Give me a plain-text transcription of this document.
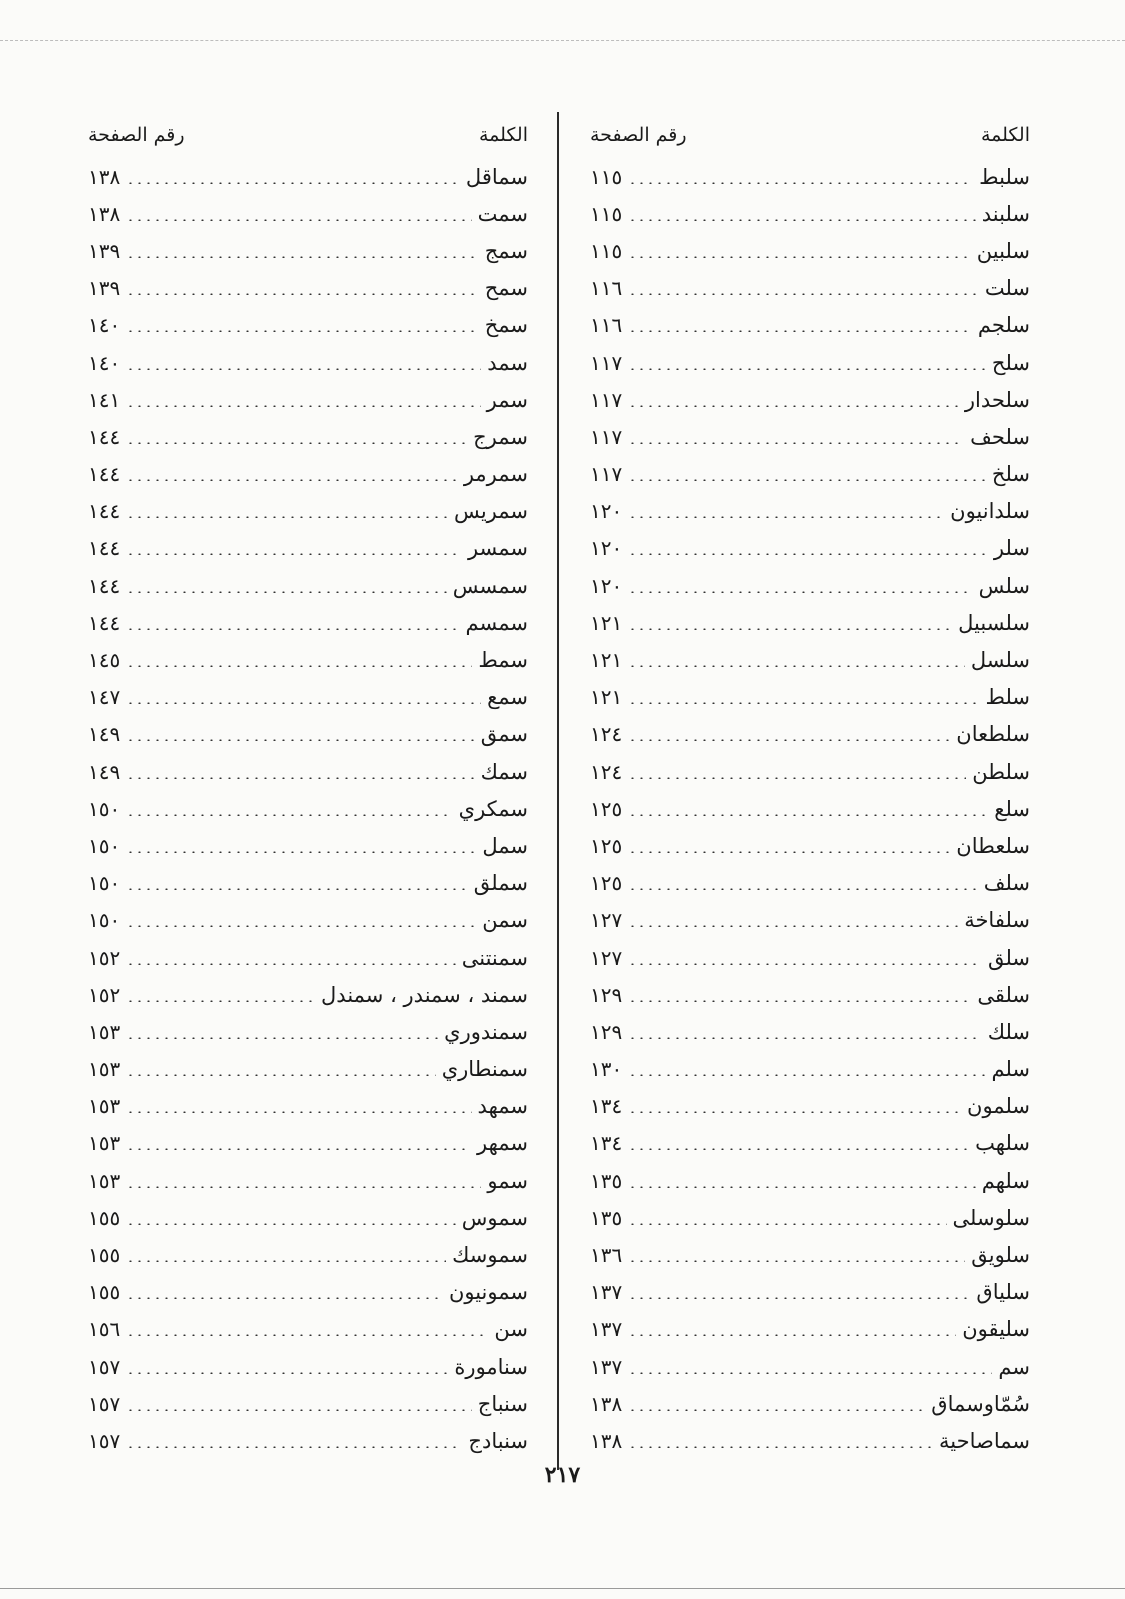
الكلمة
رقم الصفحة
سلبط
١١٥
سلبند
١١٥
سلبين
١١٥
سلت
١١٦
سلجم
١١٦
سلح
١١٧
سلحدار
١١٧
سلحف
١١٧
سلخ
١١٧
سلدانيون
١٢٠
سلر
١٢٠
سلس
١٢٠
سلسبيل
١٢١
سلسل
١٢١
سلط
١٢١
سلطعان
١٢٤
سلطن
١٢٤
سلع
١٢٥
سلعطان
١٢٥
سلف
١٢٥
سلفاخة
١٢٧
سلق
١٢٧
سلقى
١٢٩
سلك
١٢٩
سلم
١٣٠
سلمون
١٣٤
سلهب
١٣٤
سلهم
١٣٥
سلوسلى
١٣٥
سلويق
١٣٦
سلياق
١٣٧
سليقون
١٣٧
سم
١٣٧
سُمّاوسماق
١٣٨
سماصاحية
١٣٨
الكلمة
رقم الصفحة
سماقل
١٣٨
سمت
١٣٨
سمج
١٣٩
سمح
١٣٩
سمخ
١٤٠
سمد
١٤٠
سمر
١٤١
سمرج
١٤٤
سمرمر
١٤٤
سمريس
١٤٤
سمسر
١٤٤
سمسس
١٤٤
سمسم
١٤٤
سمط
١٤٥
سمع
١٤٧
سمق
١٤٩
سمك
١٤٩
سمكري
١٥٠
سمل
١٥٠
سملق
١٥٠
سمن
١٥٠
سمنتنى
١٥٢
سمند ، سمندر ، سمندل
١٥٢
سمندوري
١٥٣
سمنطاري
١٥٣
سمهد
١٥٣
سمهر
١٥٣
سمو
١٥٣
سموس
١٥٥
سموسك
١٥٥
سمونيون
١٥٥
سن
١٥٦
سنامورة
١٥٧
سنباج
١٥٧
سنبادج
١٥٧
٢١٧
